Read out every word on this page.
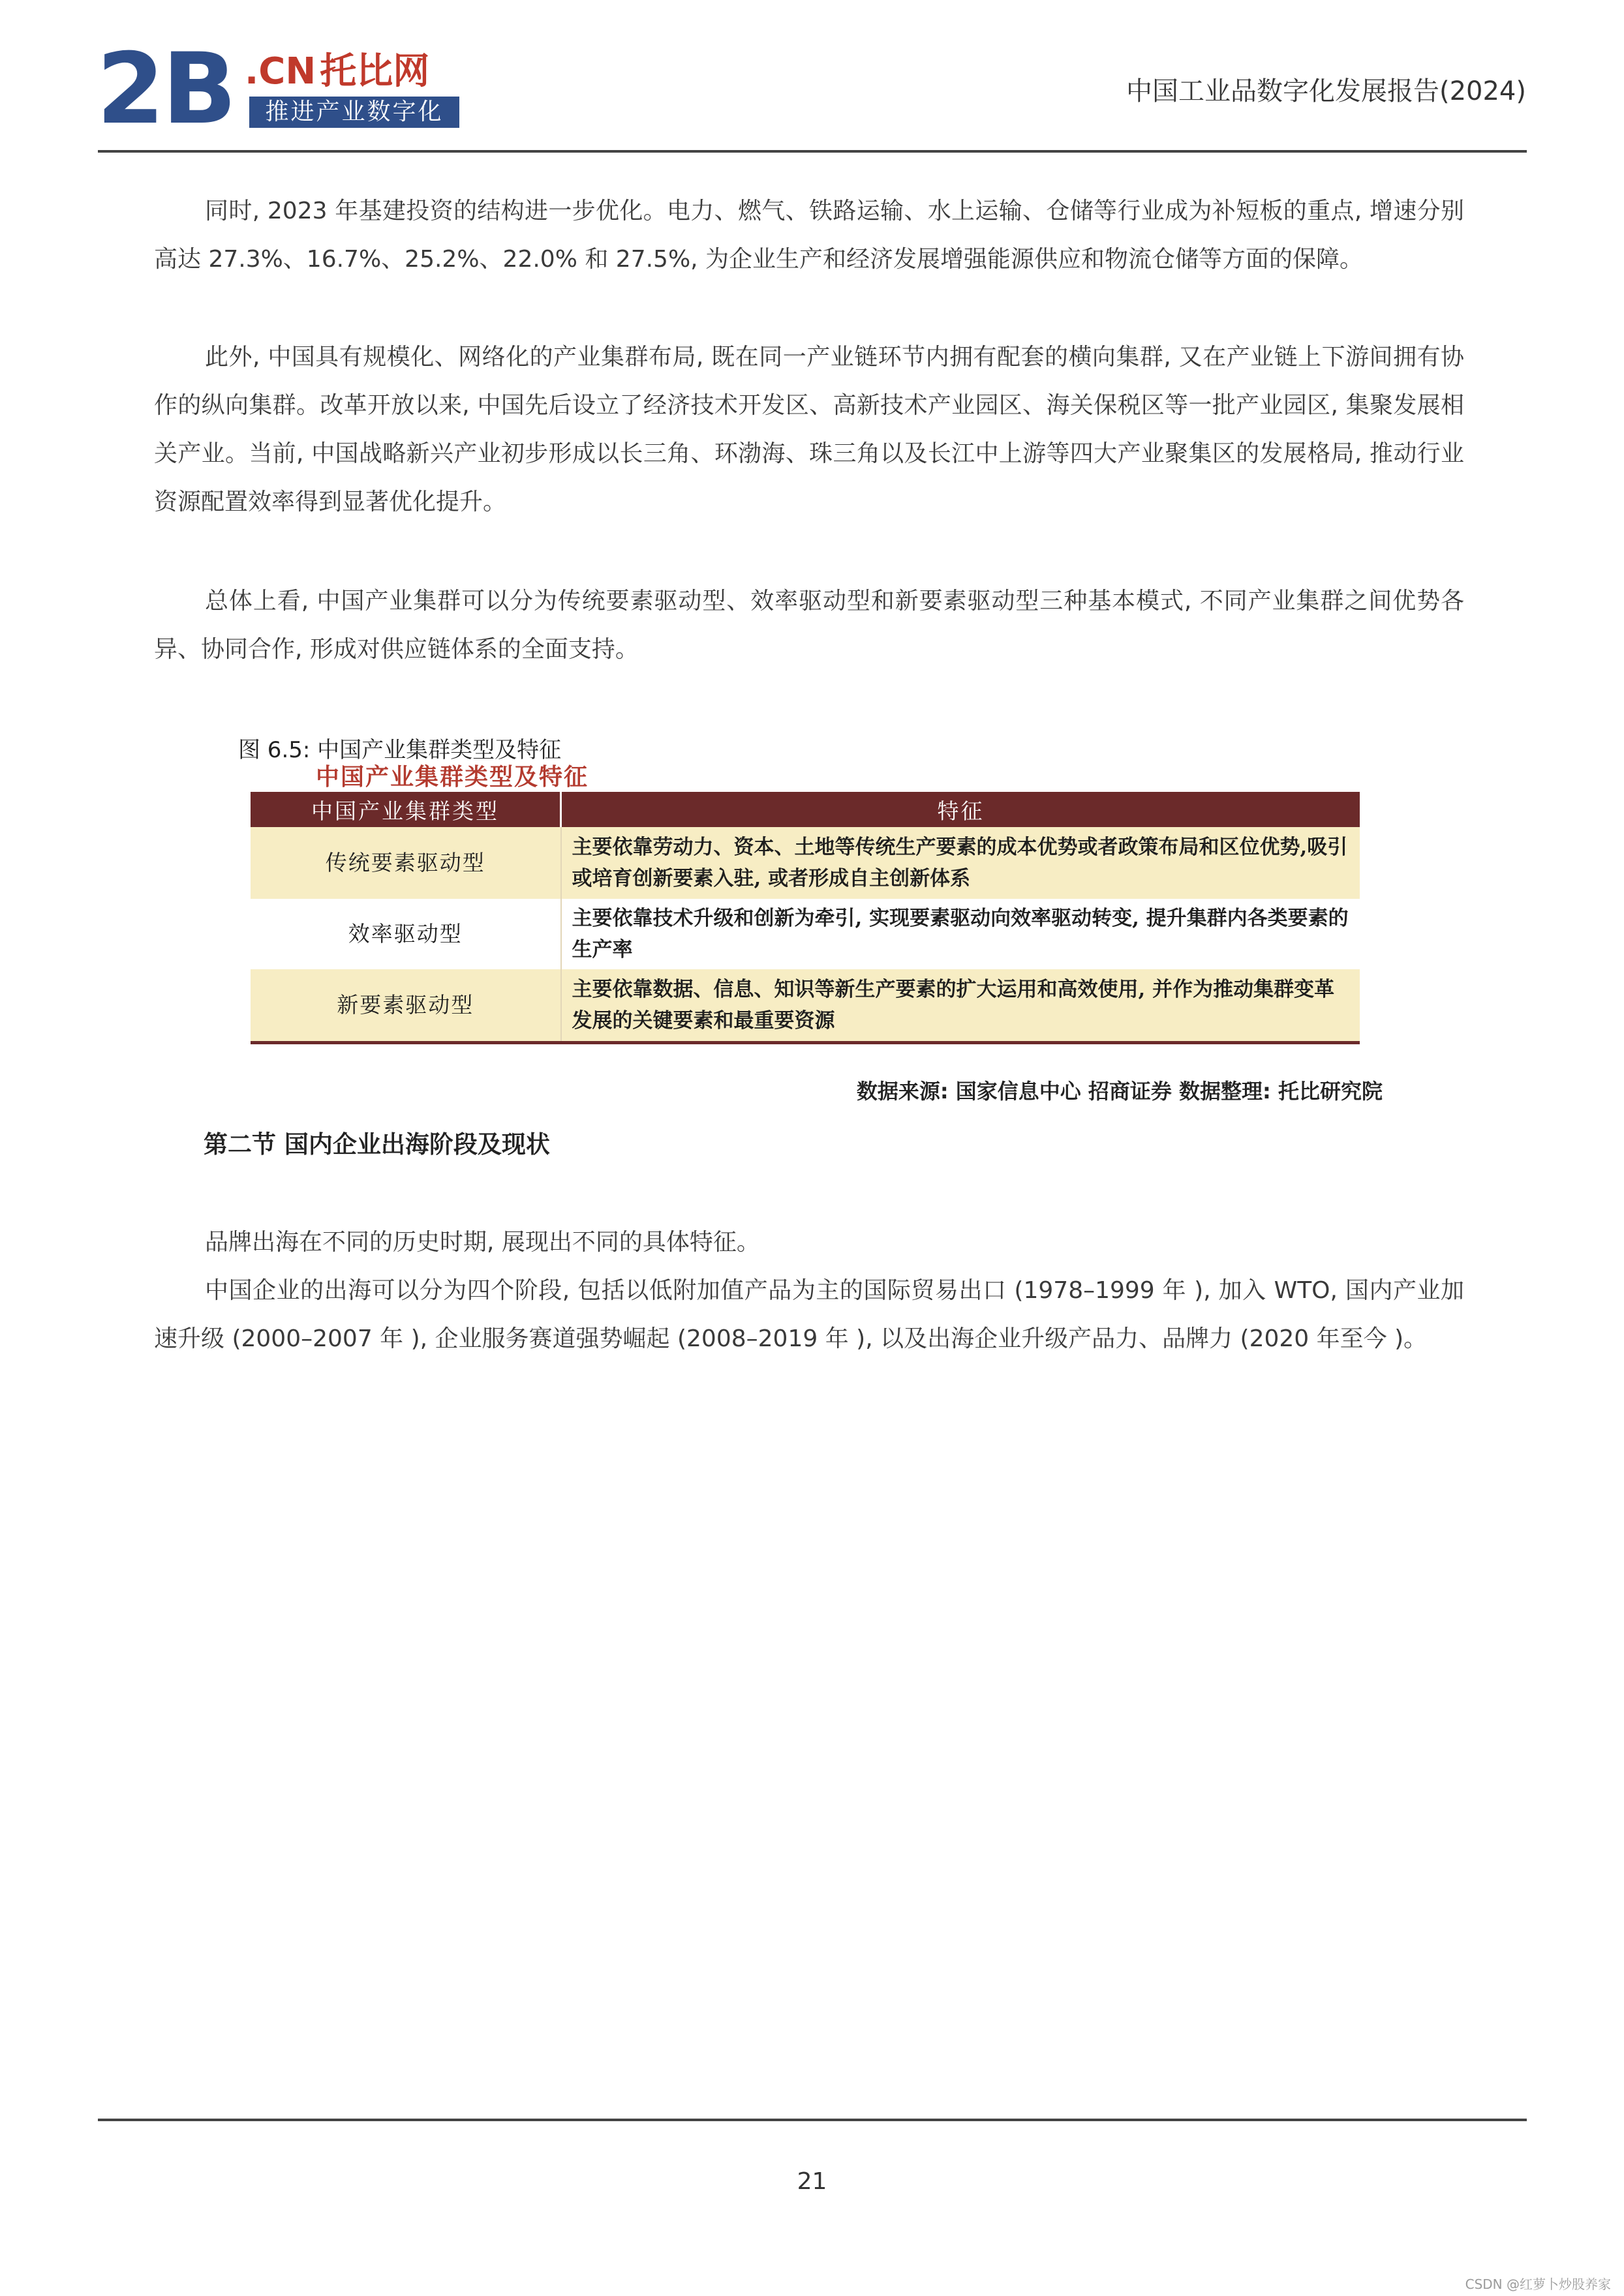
2B .CN 托比网
推进产业数字化
中国工业品数字化发展报告(2024)

同时, 2023 年基建投资的结构进一步优化。电力、燃气、铁路运输、水上运输、仓储等行业成为补短板的重点, 增速分别高达 27.3%、16.7%、25.2%、22.0% 和 27.5%, 为企业生产和经济发展增强能源供应和物流仓储等方面的保障。

此外, 中国具有规模化、网络化的产业集群布局, 既在同一产业链环节内拥有配套的横向集群, 又在产业链上下游间拥有协作的纵向集群。改革开放以来, 中国先后设立了经济技术开发区、高新技术产业园区、海关保税区等一批产业园区, 集聚发展相关产业。当前, 中国战略新兴产业初步形成以长三角、环渤海、珠三角以及长江中上游等四大产业聚集区的发展格局, 推动行业资源配置效率得到显著优化提升。

总体上看, 中国产业集群可以分为传统要素驱动型、效率驱动型和新要素驱动型三种基本模式, 不同产业集群之间优势各异、协同合作, 形成对供应链体系的全面支持。

图 6.5: 中国产业集群类型及特征
中国产业集群类型及特征
中国产业集群类型	特征
传统要素驱动型	主要依靠劳动力、资本、土地等传统生产要素的成本优势或者政策布局和区位优势,吸引或培育创新要素入驻, 或者形成自主创新体系
效率驱动型	主要依靠技术升级和创新为牵引, 实现要素驱动向效率驱动转变, 提升集群内各类要素的生产率
新要素驱动型	主要依靠数据、信息、知识等新生产要素的扩大运用和高效使用, 并作为推动集群变革发展的关键要素和最重要资源
数据来源: 国家信息中心 招商证券 数据整理: 托比研究院
第二节 国内企业出海阶段及现状

品牌出海在不同的历史时期, 展现出不同的具体特征。

中国企业的出海可以分为四个阶段, 包括以低附加值产品为主的国际贸易出口 (1978–1999 年 ), 加入 WTO, 国内产业加速升级 (2000–2007 年 ), 企业服务赛道强势崛起 (2008–2019 年 ), 以及出海企业升级产品力、品牌力 (2020 年至今 )。

21
CSDN @红萝卜炒股养家
